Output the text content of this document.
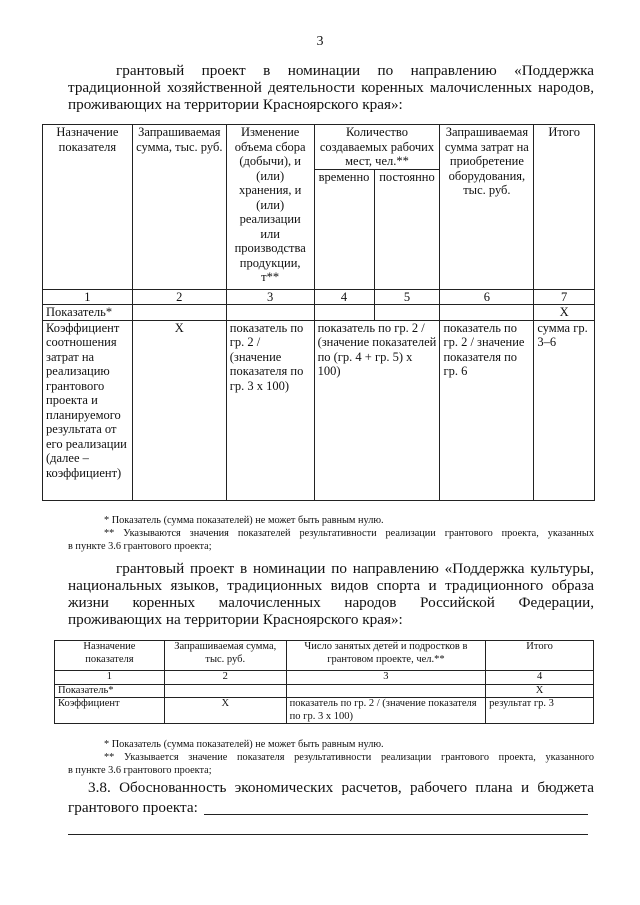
3
грантовый проект в номинации по направлению «Поддержка
традиционной хозяйственной деятельности коренных малочисленных народов,
проживающих на территории Красноярского края»:
Назначение показателя	Запрашиваемая сумма, тыс. руб.	Изменение объема сбора (добычи), и (или) хранения, и (или) реализации или производства продукции, т**	Количество создаваемых рабочих мест, чел.**		Запрашиваемая сумма затрат на приобретение оборудования, тыс. руб.	Итого
			временно	постоянно		
1	2	3	4	5	6	7
Показатель*						X
Коэффициент соотношения затрат на реализацию грантового проекта и планируемого результата от его реализации (далее – коэффициент)	X	показатель по гр. 2 / (значение показателя по гр. 3 x 100)	показатель по гр. 2 / (значение показателей по (гр. 4 + гр. 5) x 100)		показатель по гр. 2 / значение показателя по гр. 6	сумма гр. 3–6
* Показатель (сумма показателей) не может быть равным нулю.
** Указываются значения показателей результативности реализации грантового проекта, указанных
в пункте 3.6 грантового проекта;
грантовый проект в номинации по направлению «Поддержка культуры,
национальных языков, традиционных видов спорта и традиционного образа
жизни коренных малочисленных народов Российской Федерации,
проживающих на территории Красноярского края»:
Назначение показателя	Запрашиваемая сумма, тыс. руб.	Число занятых детей и подростков в грантовом проекте, чел.**	Итого
1	2	3	4
Показатель*			X
Коэффициент	X	показатель по гр. 2 / (значение показателя по гр. 3 x 100)	результат гр. 3
* Показатель (сумма показателей) не может быть равным нулю.
** Указывается значение показателя результативности реализации грантового проекта, указанного
в пункте 3.6 грантового проекта;
3.8. Обоснованность экономических расчетов, рабочего плана и бюджета
грантового проекта:
